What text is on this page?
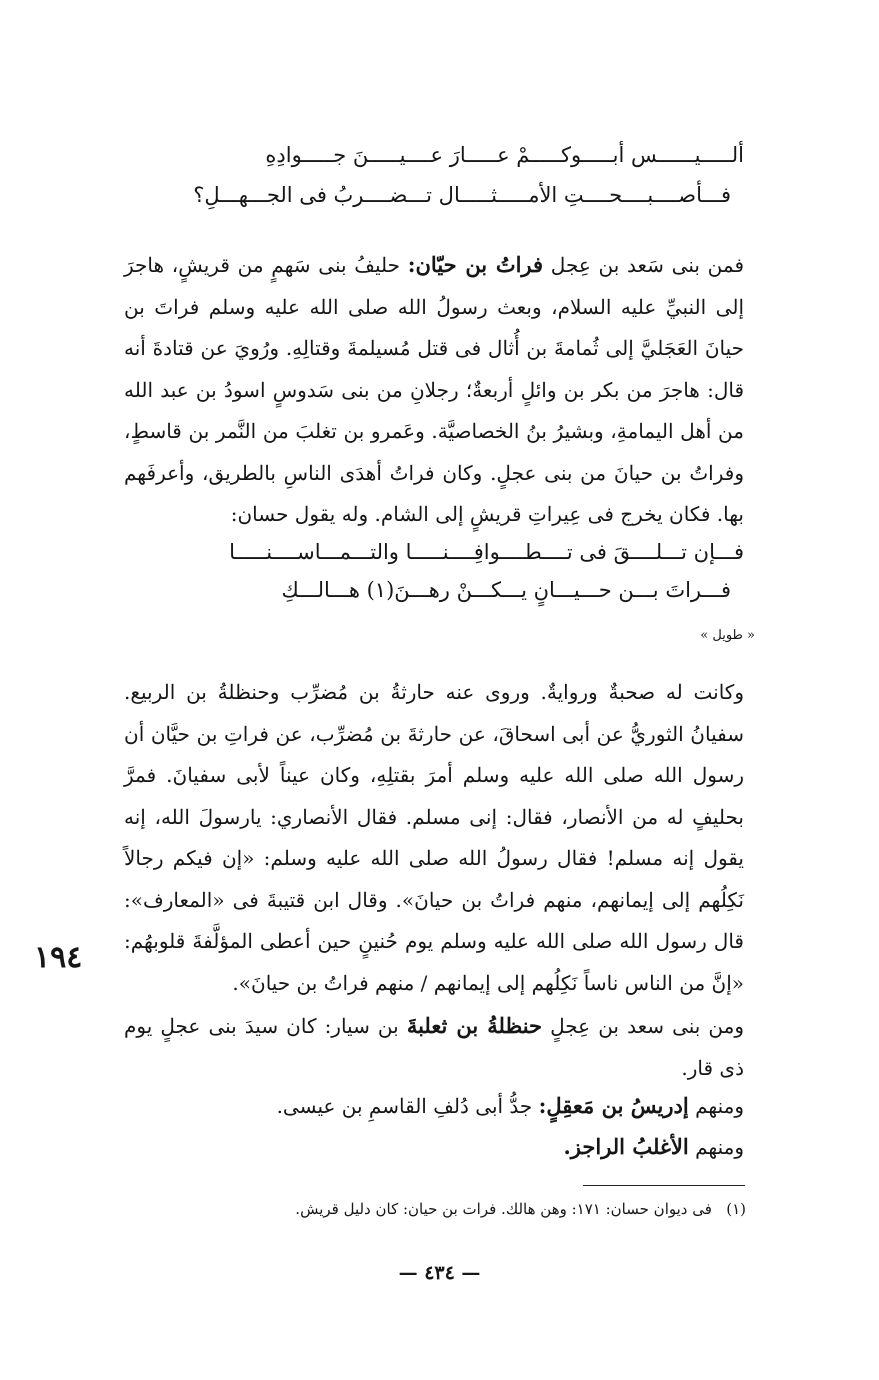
ألـــــيــــــس أبـــــوكـــــمْ عـــــارَ عــــيـــــنَ جـــــوادِهِ
فـــأصــــبــــحــــتِ الأمـــــثـــــال تـــضــــربُ فى الجـــهـــلِ؟

فمن بنى سَعد بن عِجل فراتُ بن حيّان: حليفُ بنى سَهمٍ من قريشٍ، هاجرَ إلى النبيِّ عليه السلام، وبعث رسولُ الله صلى الله عليه وسلم فراتَ بن حيانَ العَجَليَّ إلى ثُمامةَ بن أُثال فى قتل مُسيلمةَ وقتالِهِ. ورُويَ عن قتادةَ أنه قال: هاجرَ من بكر بن وائلٍ أربعةٌ؛ رجلانِ من بنى سَدوسٍ اسودُ بن عبد الله من أهل اليمامةِ، وبشيرُ بنُ الخصاصيَّة. وعَمرو بن تغلبَ من النَّمر بن قاسطٍ، وفراتُ بن حيانَ من بنى عجلٍ. وكان فراتُ أهدَى الناسِ بالطريق، وأعرفَهم بها. فكان يخرج فى عِيراتِ قريشٍ إلى الشام. وله يقول حسان:

فـــإن تـــلــــقَ فى تــــطــــوافِــــنـــــا والتـــمـــاســــنـــــا
فـــراتَ بـــن حـــيـــانٍ يـــكـــنْ رهـــنَ(١) هـــالـــكِ
« طويل »

وكانت له صحبةٌ وروايةٌ. وروى عنه حارثةُ بن مُضرِّب وحنظلةُ بن الربيع. سفيانُ الثوريُّ عن أبى اسحاقَ، عن حارثةَ بن مُضرِّب، عن فراتِ بن حيَّان أن رسول الله صلى الله عليه وسلم أمرَ بقتلِهِ، وكان عيناً لأبى سفيانَ. فمرَّ بحليفٍ له من الأنصار، فقال: إنى مسلم. فقال الأنصاري: يارسولَ الله، إنه يقول إنه مسلم! فقال رسولُ الله صلى الله عليه وسلم: «إن فيكم رجالاً نَكِلُهم إلى إيمانهم، منهم فراتُ بن حيانَ». وقال ابن قتيبةَ فى «المعارف»: قال رسول الله صلى الله عليه وسلم يوم حُنينٍ حين أعطى المؤلَّفةَ قلوبهُم: «إنَّ من الناس ناساً نَكِلُهم إلى إيمانهم / منهم فراتُ بن حيانَ».

١٩٤

ومن بنى سعد بن عِجلٍ حنظلةُ بن ثعلبةَ بن سيار: كان سيدَ بنى عجلٍ يوم ذى قار.

ومنهم إدريسُ بن مَعقِلٍ: جدُّ أبى دُلفِ القاسمِ بن عيسى.

ومنهم الأغلبُ الراجز.

(١)   فى ديوان حسان: ١٧١: وهن هالك. فرات بن حيان: كان دليل قريش.
— ٤٣٤ —
